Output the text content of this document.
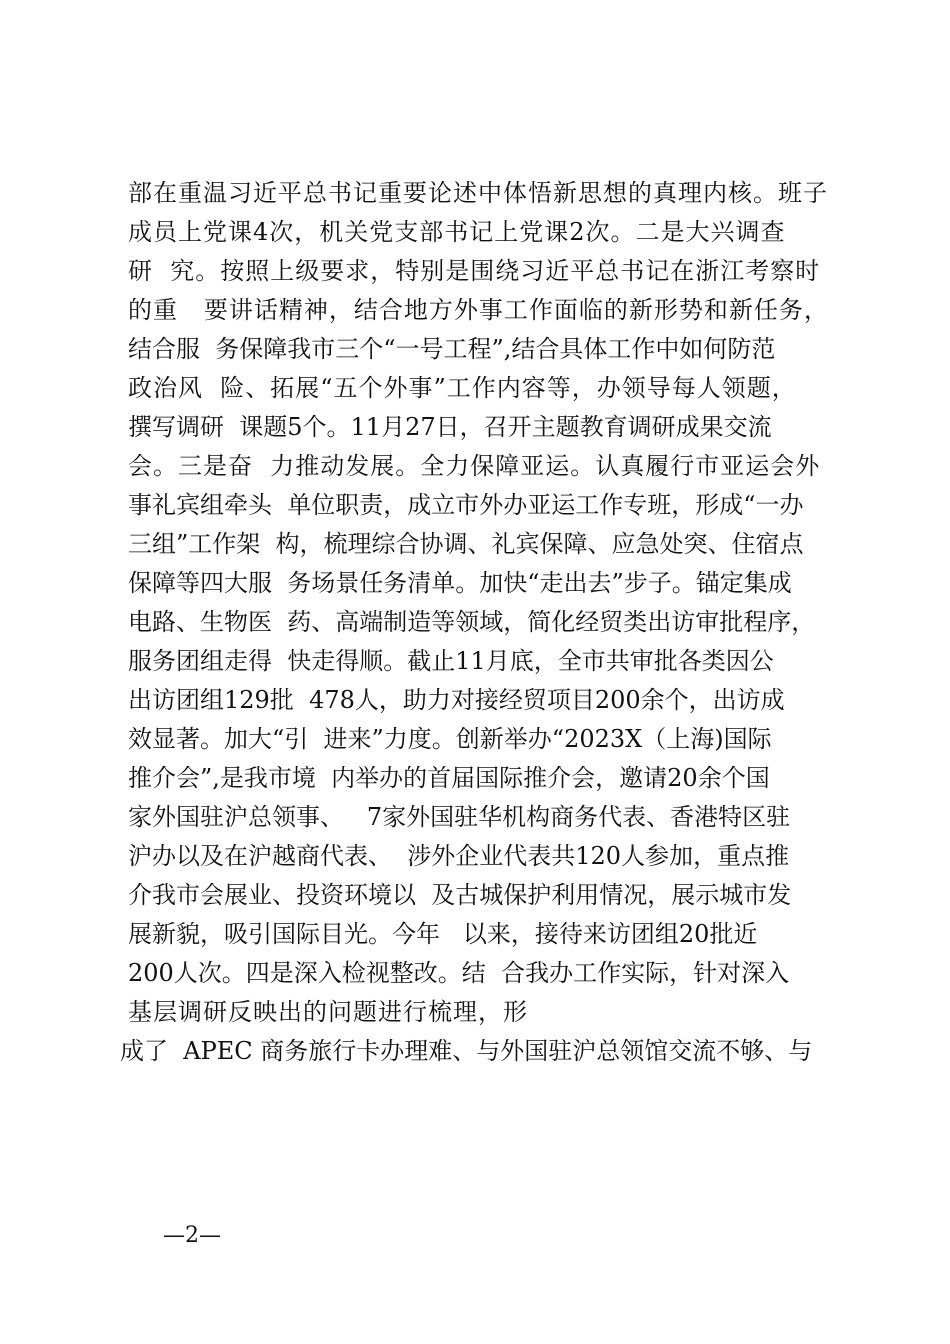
部在重温习近平总书记重要论述中体悟新思想的真理内核。班子
成员上党课4次，机关党支部书记上党课2次。二是大兴调查
研  究。按照上级要求，特别是围绕习近平总书记在浙江考察时
的重   要讲话精神，结合地方外事工作面临的新形势和新任务，
结合服  务保障我市三个“一号工程”,结合具体工作中如何防范
政治风  险、拓展“五个外事”工作内容等，办领导每人领题，
撰写调研  课题5个。11月27日，召开主题教育调研成果交流
会。三是奋  力推动发展。全力保障亚运。认真履行市亚运会外
事礼宾组牵头  单位职责，成立市外办亚运工作专班，形成“一办
三组”工作架  构，梳理综合协调、礼宾保障、应急处突、住宿点
保障等四大服  务场景任务清单。加快“走出去”步子。锚定集成
电路、生物医  药、高端制造等领域，简化经贸类出访审批程序，
服务团组走得  快走得顺。截止11月底，全市共审批各类因公
出访团组129批  478人，助力对接经贸项目200余个，出访成
效显著。加大“引  进来”力度。创新举办“2023X（上海)国际
推介会”,是我市境  内举办的首届国际推介会，邀请20余个国
家外国驻沪总领事、   7家外国驻华机构商务代表、香港特区驻
沪办以及在沪越商代表、  涉外企业代表共120人参加，重点推
介我市会展业、投资环境以  及古城保护利用情况，展示城市发
展新貌，吸引国际目光。今年   以来，接待来访团组20批近
200人次。四是深入检视整改。结  合我办工作实际，针对深入
基层调研反映出的问题进行梳理，形
成了  APEC 商务旅行卡办理难、与外国驻沪总领馆交流不够、与
—2—
